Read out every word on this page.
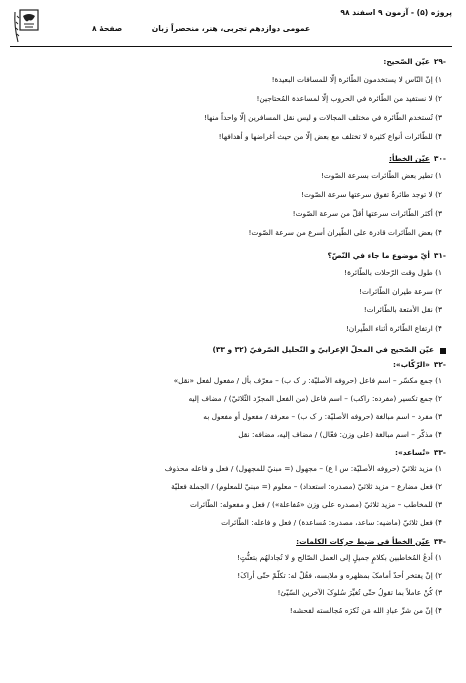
پروژه (۵) - آزمون ۹ اسفند ۹۸
عمومی دوازدهم تجربی، هنر، منحصراً زبان
صفحهٔ ۸
-۲۹عیّن الصّحیح:
۱) إنّ النّاس لا یستخدمون الطّائرة إلّا للمسافات البعیدة!
۲) لا نستفید من الطّائرة في الحروب إلّا لمساعدة المُحتاجین!
۳) تُستخدم الطّائرة في مختلف المجالات و لیس نقل المسافرین إلّا واحداً منها!
۴) للطّائرات أنواع کثیرة لا تختلف مع بعض إلّا من حیث أغراضها و أهدافها!
-۳۰عیّن الخطأ:
۱) تطیر بعض الطّائرات بسرعة الصّوت!
۲) لا توجد طائرةٌ تفوق سرعتها سرعة الصّوت!
۳) أکثر الطّائرات سرعتها أقلّ من سرعة الصّوت!
۴) بعض الطّائرات قادرة علی الطّیران أسرع من سرعة الصّوت!
-۳۱أيّ موضوع ما جاء في النّصّ؟
۱) طول وقت الرّحلات بالطّائرة!
۲) سرعة طیران الطّائرات!
۳) نقل الأمتعة بالطّائرات!
۴) ارتفاع الطّائرة أثناء الطّیران!
عیّن الصّحیح في المحلّ الإعرابيّ و التّحلیل الصّرفيّ (۳۲ و ۳۳)
-۳۲«الرّکّاب»:
۱) جمع مکسّر – اسم فاعل (حروفه الأصلیّة: ر ک ب) – معرّف بأل / مفعول لفعل «نقل»
۲) جمع تکسیر (مفرده: راکب) – اسم فاعل (من الفعل المجرّد الثّلاثيّ) / مضاف إلیه
۳) مفرد – اسم مبالغة (حروفه الأصلیّة: ر ک ب) – معرفة / مفعول أو مفعول به
۴) مذکّر – اسم مبالغة (علی وزن: فعّال) / مضاف إلیه، مضافه: نقل
-۳۳«تُساعد»:
۱) مزید ثلاثيّ (حروفه الأصلیّة: س ا ع) – مجهول (= مبنيّ للمجهول) / فعل و فاعله محذوف
۲) فعل مضارع – مزید ثلاثيّ (مصدره: استعداد) – معلوم (= مبنيّ للمعلوم) / الجملة فعلیّة
۳) للمخاطب – مزید ثلاثيّ (مصدره علی وزن «مُفاعلة») / فعل و مفعوله: الطّائرات
۴) فعل ثلاثيّ (ماضیه: ساعد، مصدره: مُساعدة) / فعل و فاعله: الطّائرات
-۳۴عیّن الخطأ في ضبط حرکات الکلمات:
۱) أدعُ المُخاطبین بکلامٍ جمیلٍ إلی العمل الصّالح و لا تُجادلهُم بتعنُّتٍ!
۲) إنْ یفتخر أحدٌ أمامکَ بمظهره و ملابسه، فقُلْ له: تکلّمْ حتّی أراکَ!
۳) کُنْ عاملاً بما تقولُ حتّی تُغیِّرَ سُلوکَ الآخرین السّيّئ!
۴) إنّ من شرِّ عبادِ الله مَن تُکرَه مُجالسته لفحشه!
